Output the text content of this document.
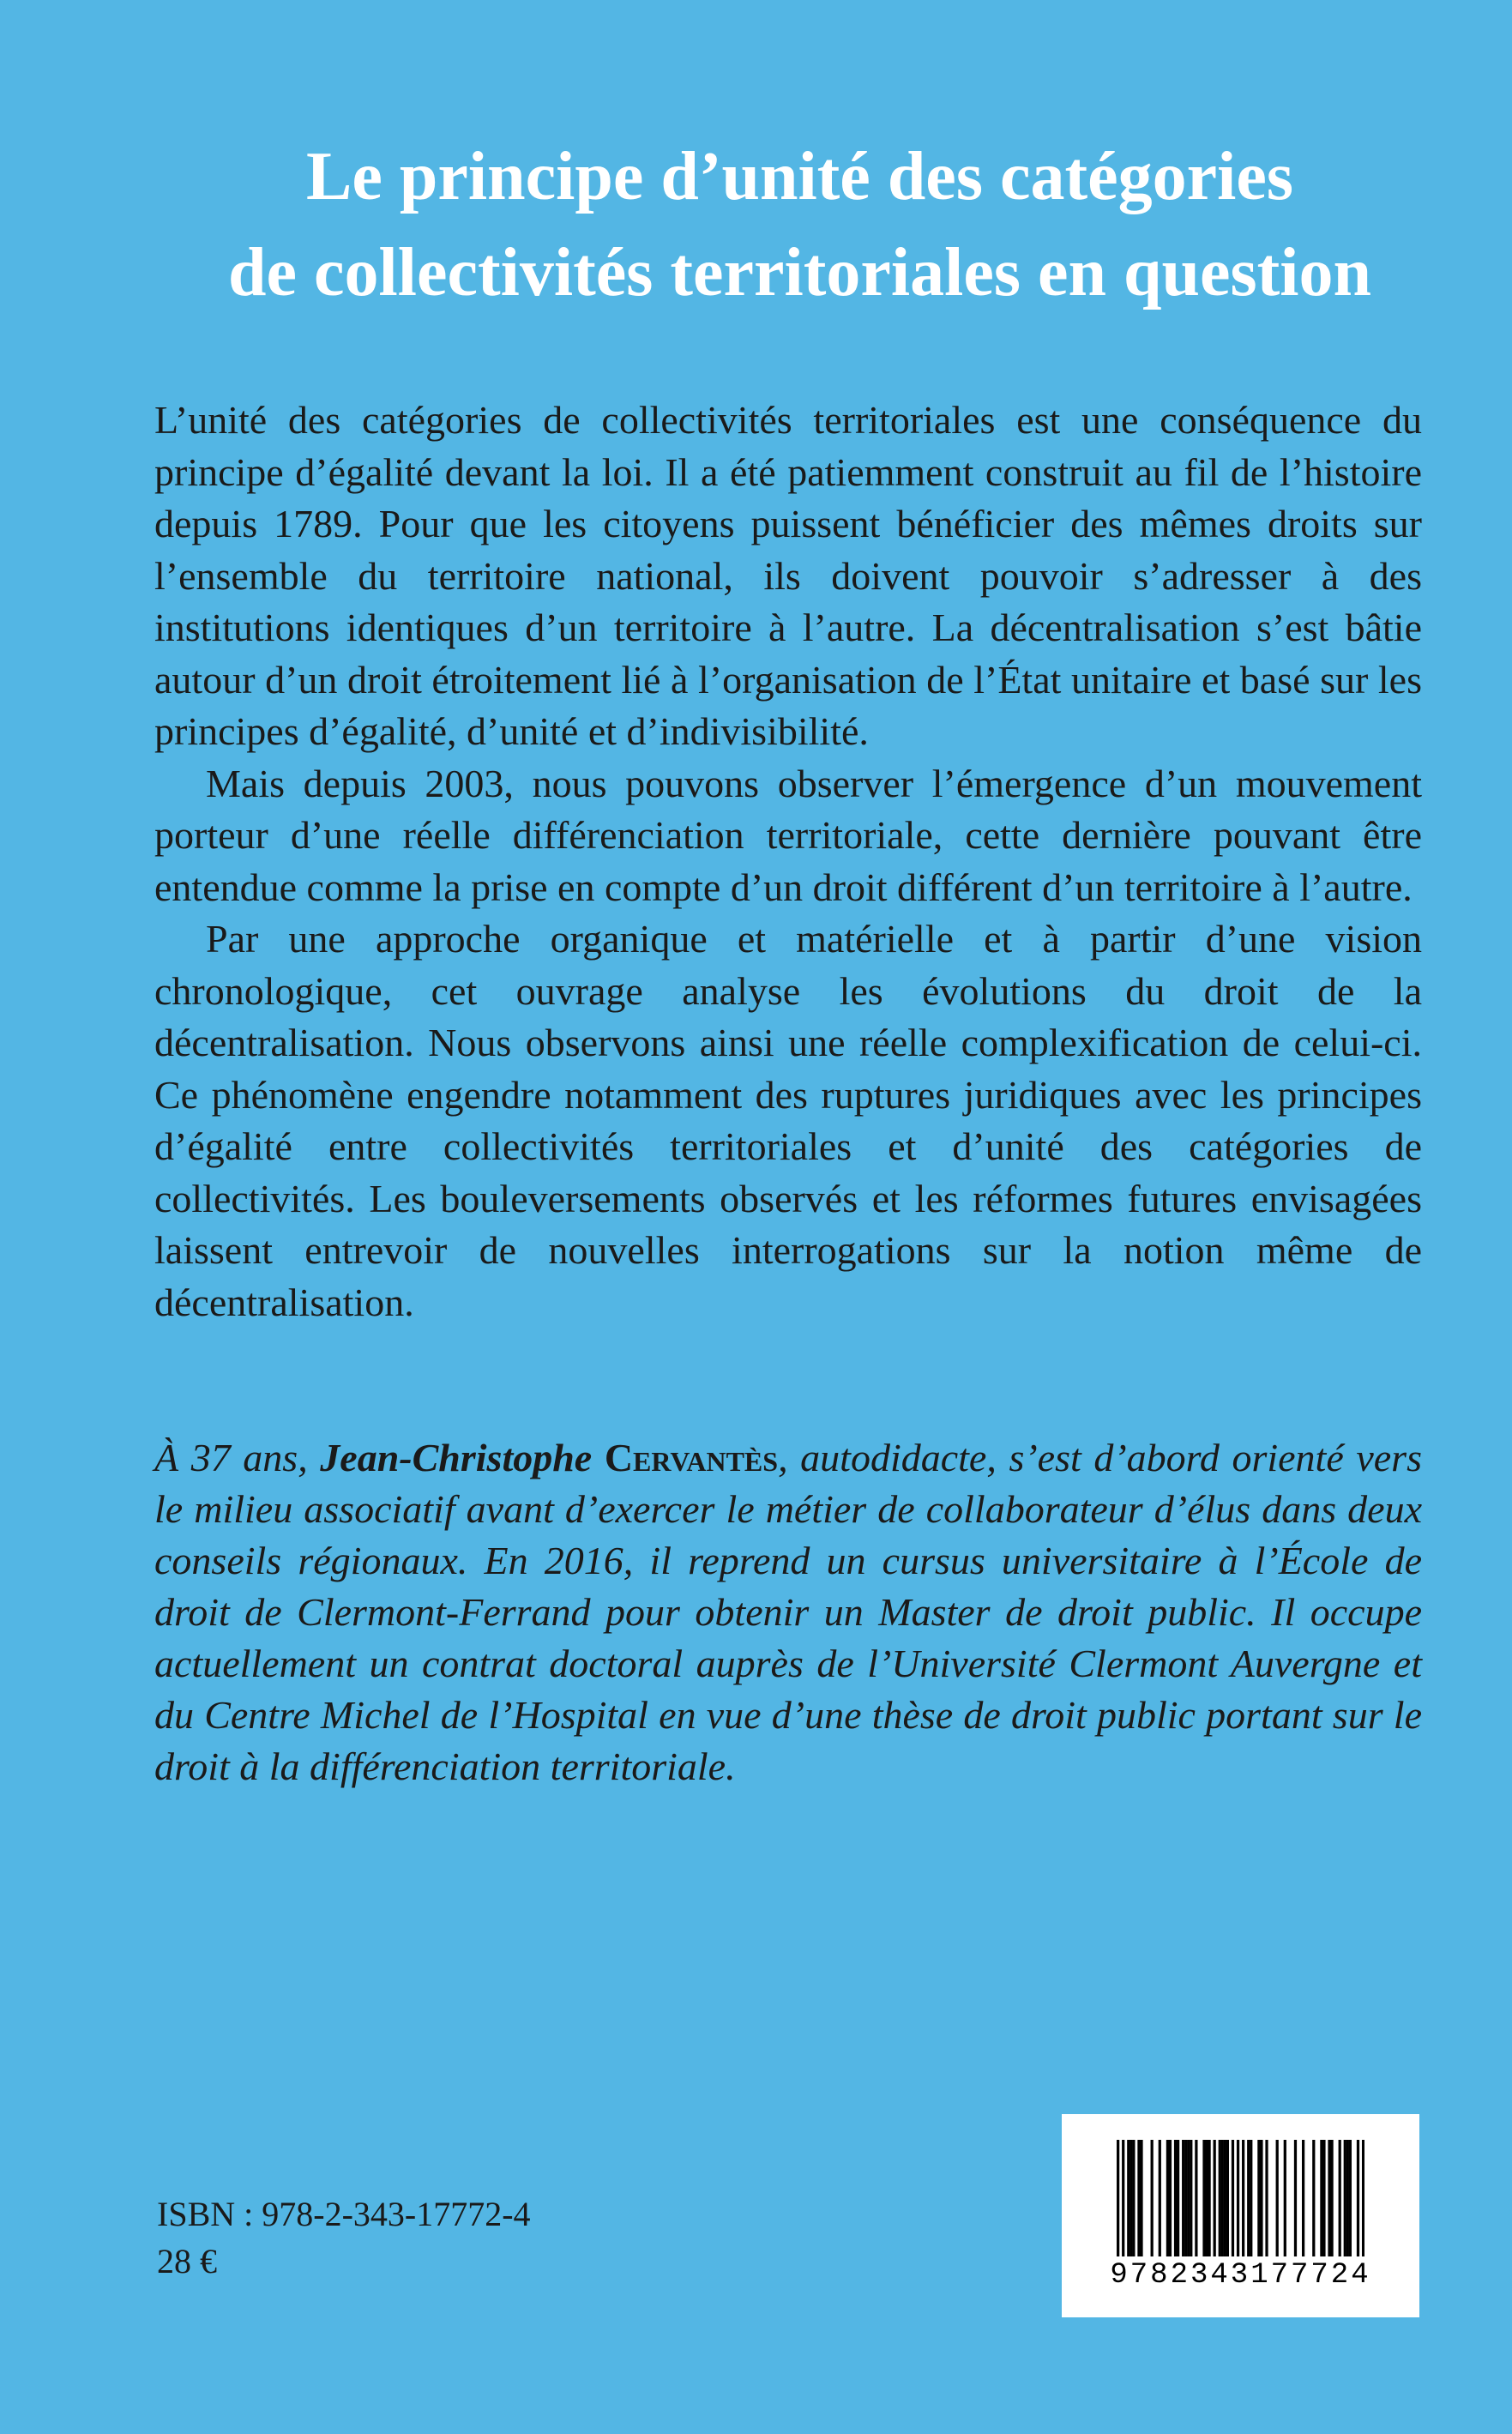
Le principe d’unité des catégories
de collectivités territoriales en question

L’unité des catégories de collectivités territoriales est une conséquence du principe d’égalité devant la loi. Il a été patiemment construit au fil de l’histoire depuis 1789. Pour que les citoyens puissent bénéficier des mêmes droits sur l’ensemble du territoire national, ils doivent pouvoir s’adresser à des institutions identiques d’un territoire à l’autre. La décentralisation s’est bâtie autour d’un droit étroitement lié à l’organisation de l’État unitaire et basé sur les principes d’égalité, d’unité et d’indivisibilité.

Mais depuis 2003, nous pouvons observer l’émergence d’un mouvement porteur d’une réelle différenciation territoriale, cette dernière pouvant être entendue comme la prise en compte d’un droit différent d’un territoire à l’autre.

Par une approche organique et matérielle et à partir d’une vision chronologique, cet ouvrage analyse les évolutions du droit de la décentralisation. Nous observons ainsi une réelle complexification de celui-ci. Ce phénomène engendre notamment des ruptures juridiques avec les principes d’égalité entre collectivités territoriales et d’unité des catégories de collectivités. Les bouleversements observés et les réformes futures envisagées laissent entrevoir de nouvelles interrogations sur la notion même de décentralisation.

À 37 ans, Jean-Christophe Cervantès, autodidacte, s’est d’abord orienté vers le milieu associatif avant d’exercer le métier de collaborateur d’élus dans deux conseils régionaux. En 2016, il reprend un cursus universitaire à l’École de droit de Clermont-Ferrand pour obtenir un Master de droit public. Il occupe actuellement un contrat doctoral auprès de l’Université Clermont Auvergne et du Centre Michel de l’Hospital en vue d’une thèse de droit public portant sur le droit à la différenciation territoriale.

ISBN : 978-2-343-17772-4
28 €	9782343177724
